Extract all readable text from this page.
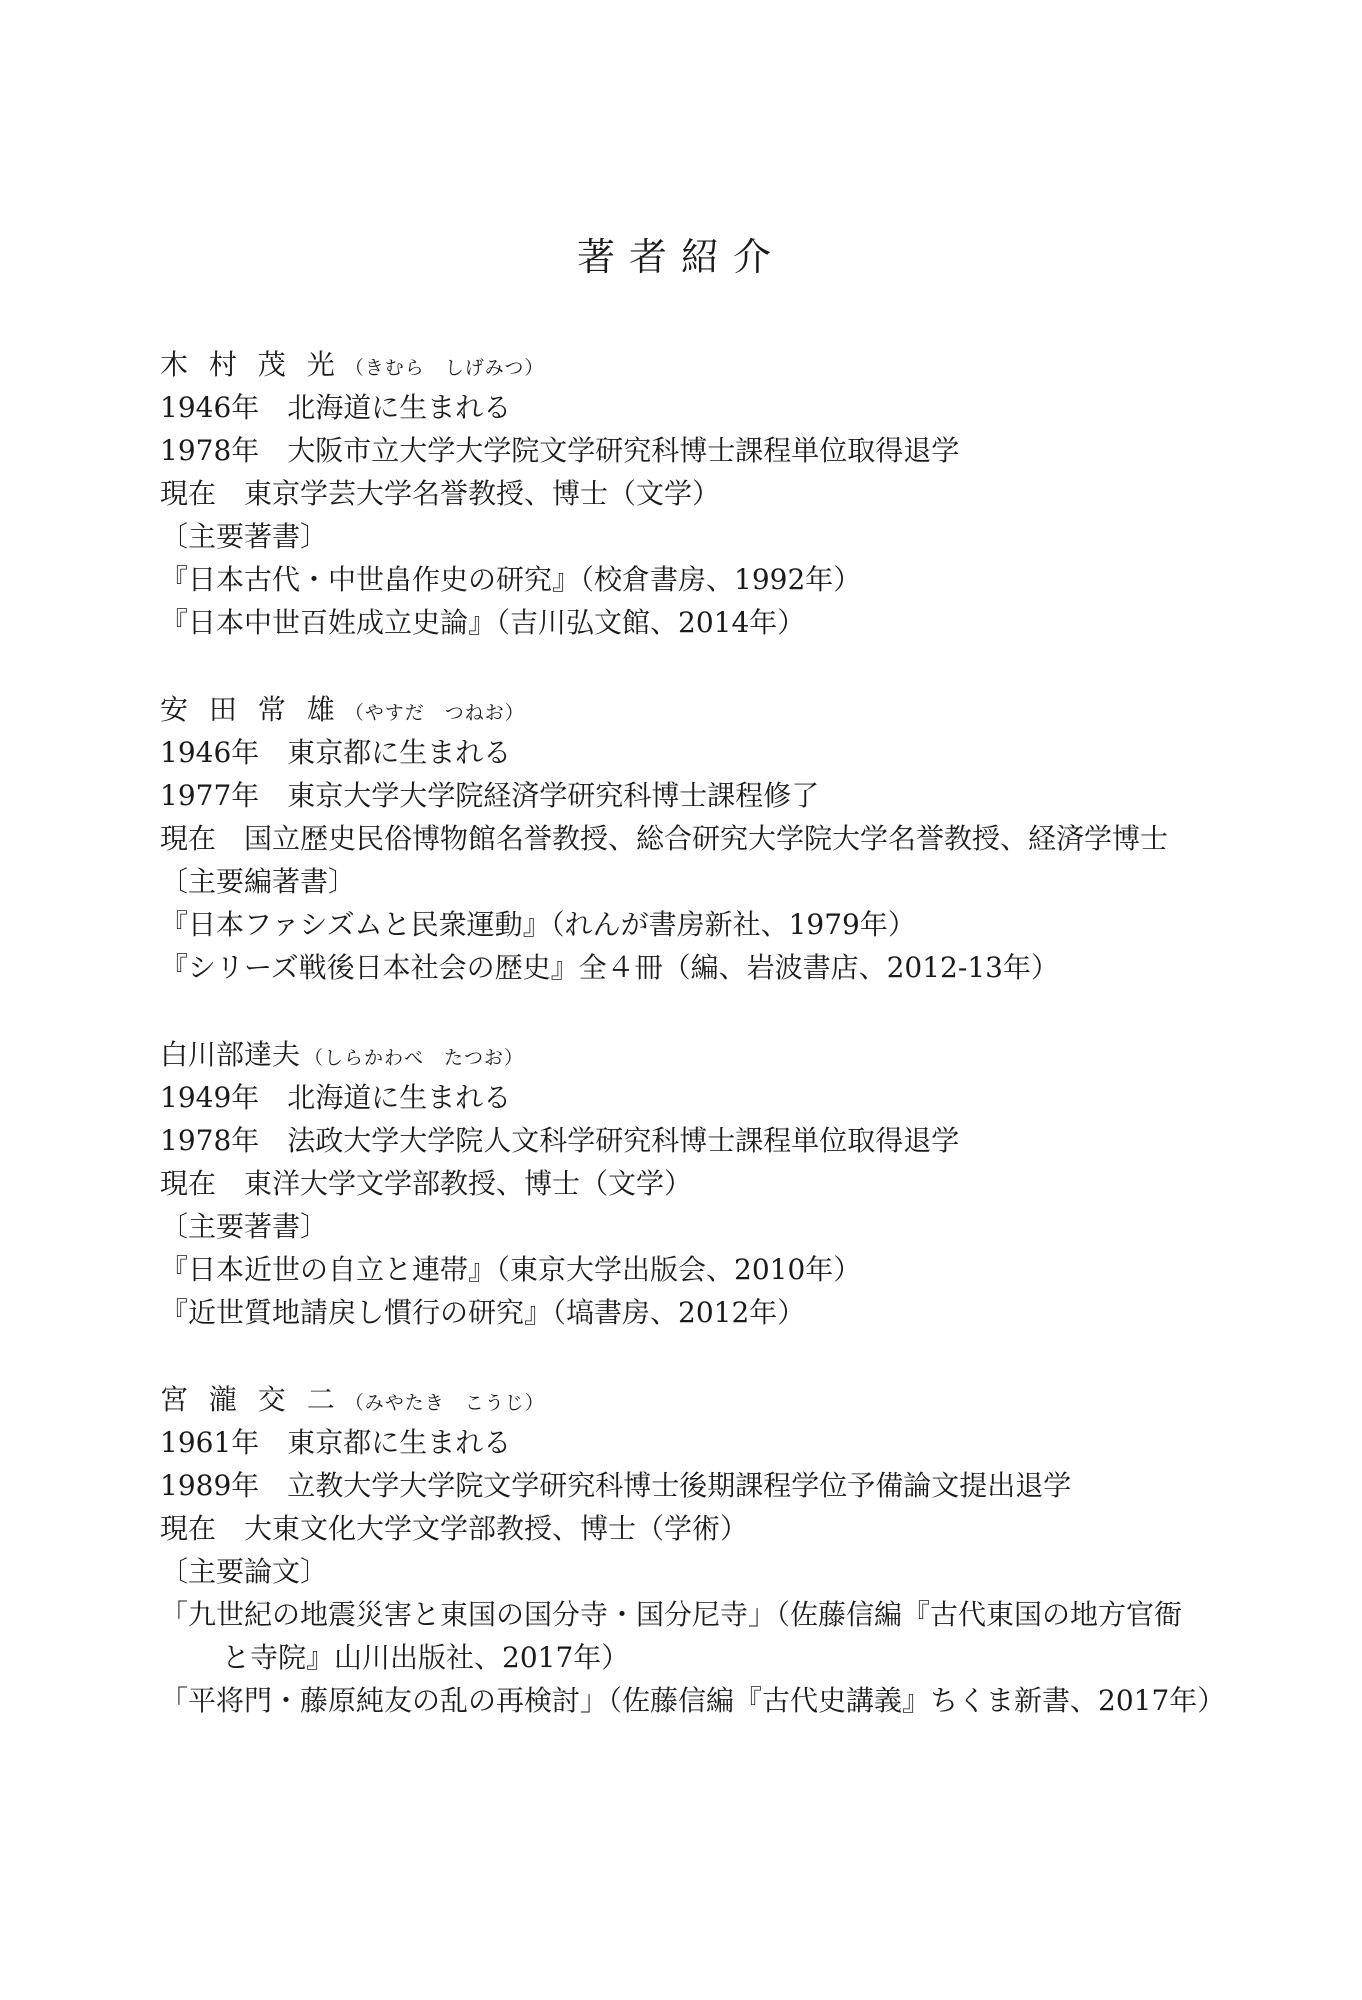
著者紹介
木 村 茂 光 （きむら　しげみつ）
1946年 北海道に生まれる
1978年 大阪市立大学大学院文学研究科博士課程単位取得退学
現在 東京学芸大学名誉教授、博士（文学）
〔主要著書〕
『日本古代・中世畠作史の研究』（校倉書房、1992年）
『日本中世百姓成立史論』（吉川弘文館、2014年）
安 田 常 雄 （やすだ　つねお）
1946年 東京都に生まれる
1977年 東京大学大学院経済学研究科博士課程修了
現在 国立歴史民俗博物館名誉教授、総合研究大学院大学名誉教授、経済学博士
〔主要編著書〕
『日本ファシズムと民衆運動』（れんが書房新社、1979年）
『シリーズ戦後日本社会の歴史』全４冊（編、岩波書店、2012-13年）
白川部達夫 （しらかわべ　たつお）
1949年 北海道に生まれる
1978年 法政大学大学院人文科学研究科博士課程単位取得退学
現在 東洋大学文学部教授、博士（文学）
〔主要著書〕
『日本近世の自立と連帯』（東京大学出版会、2010年）
『近世質地請戻し慣行の研究』（塙書房、2012年）
宮 瀧 交 二 （みやたき　こうじ）
1961年 東京都に生まれる
1989年 立教大学大学院文学研究科博士後期課程学位予備論文提出退学
現在 大東文化大学文学部教授、博士（学術）
〔主要論文〕
「九世紀の地震災害と東国の国分寺・国分尼寺」（佐藤信編『古代東国の地方官衙
と寺院』山川出版社、2017年）
「平将門・藤原純友の乱の再検討」（佐藤信編『古代史講義』ちくま新書、2017年）
